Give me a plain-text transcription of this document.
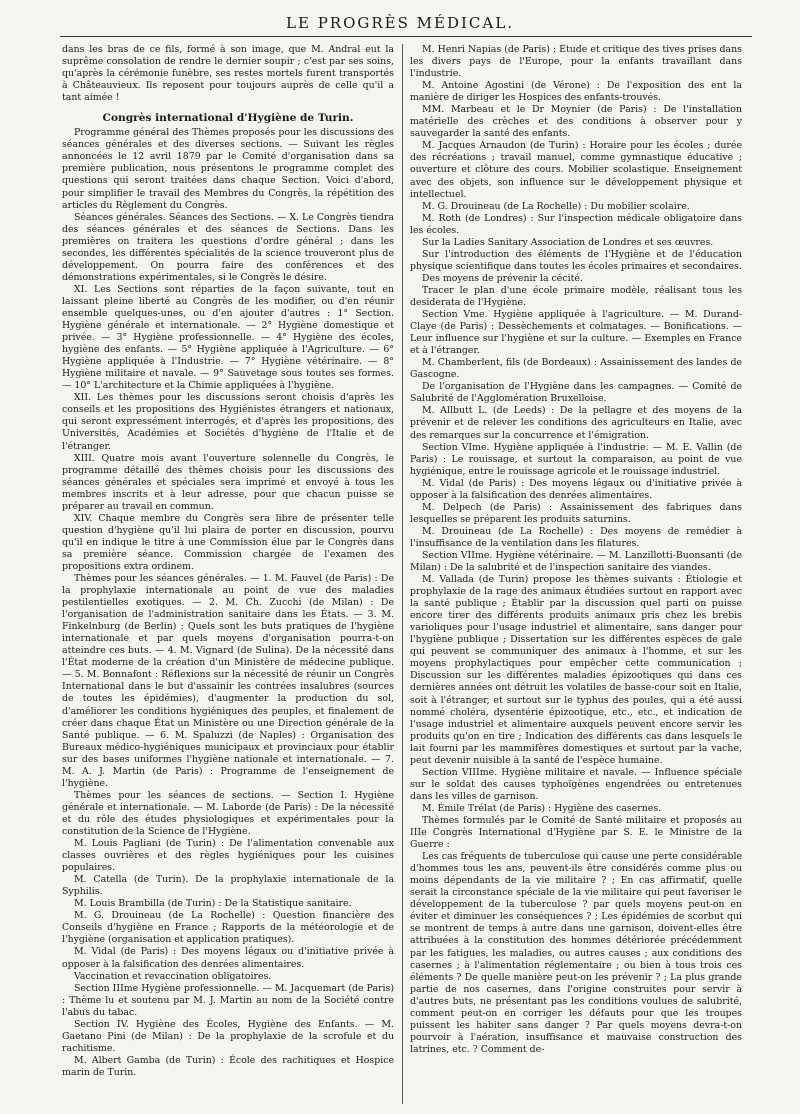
LE PROGRÈS MÉDICAL.

dans les bras de ce fils, formé à son image, que M. Andral eut la suprême consolation de rendre le dernier soupir ; c'est par ses soins, qu'après la cérémonie funèbre, ses restes mortels furent transportés à Châteauvieux. Ils reposent pour toujours auprès de celle qu'il a tant aimée !

Congrès international d'Hygiène de Turin.

Programme général des Thèmes proposés pour les discussions des séances générales et des diverses sections. — Suivant les règles annoncées le 12 avril 1879 par le Comité d'organisation dans sa première publication, nous présentons le programme complet des questions qui seront traitées dans chaque Section. Voici d'abord, pour simplifier le travail des Membres du Congrès, la répétition des articles du Règlement du Congrès.

Séances générales. Séances des Sections. — X. Le Congrès tiendra des séances générales et des séances de Sections. Dans les premières on traitera les questions d'ordre général ; dans les secondes, les différentes spécialités de la science trouveront plus de développement. On pourra faire des conférences et des démonstrations expérimentales, si le Congrès le désire.

XI. Les Sections sont réparties de la façon suivante, tout en laissant pleine liberté au Congrès de les modifier, ou d'en réunir ensemble quelques-unes, ou d'en ajouter d'autres : 1° Section. Hygiène générale et internationale. — 2° Hygiène domestique et privée. — 3° Hygiène professionnelle. — 4° Hygiène des écoles, hygiène des enfants. — 5° Hygiène appliquée à l'Agriculture. — 6° Hygiène appliquée à l'Industrie. — 7° Hygiène vétérinaire. — 8° Hygiène militaire et navale. — 9° Sauvetage sous toutes ses formes. — 10° L'architecture et la Chimie appliquées à l'hygiène.

XII. Les thèmes pour les discussions seront choisis d'après les conseils et les propositions des Hygiénistes étrangers et nationaux, qui seront expressément interrogés, et d'après les propositions, des Universités, Académies et Sociétés d'hygiène de l'Italie et de l'étranger.

XIII. Quatre mois avant l'ouverture solennelle du Congrès, le programme détaillé des thèmes choisis pour les discussions des séances générales et spéciales sera imprimé et envoyé à tous les membres inscrits et à leur adresse, pour que chacun puisse se préparer au travail en commun.

XIV. Chaque membre du Congrès sera libre de présenter telle question d'hygiène qu'il lui plaira de porter en discussion, pourvu qu'il en indique le titre à une Commission élue par le Congrès dans sa première séance. Commission chargée de l'examen des propositions extra ordinem.

Thèmes pour les séances générales. — 1. M. Fauvel (de Paris) : De la prophylaxie internationale au point de vue des maladies pestilentielles exotiques. — 2. M. Ch. Zucchi (de Milan) : De l'organisation de l'administration sanitaire dans les États. — 3. M. Finkelnburg (de Berlin) : Quels sont les buts pratiques de l'hygiène internationale et par quels moyens d'organisation pourra-t-on atteindre ces buts. — 4. M. Vignard (de Sulina). De la nécessité dans l'État moderne de la création d'un Ministère de médecine publique. — 5. M. Bonnafont : Réflexions sur la nécessité de réunir un Congrès International dans le but d'assainir les contrées insalubres (sources de toutes les épidémies), d'augmenter la production du sol, d'améliorer les conditions hygiéniques des peuples, et finalement de créer dans chaque État un Ministère ou une Direction générale de la Santé publique. — 6. M. Spaluzzi (de Naples) : Organisation des Bureaux médico-hygiéniques municipaux et provinciaux pour établir sur des bases uniformes l'hygiène nationale et internationale. — 7. M. A. J. Martin (de Paris) : Programme de l'enseignement de l'hygiène.

Thèmes pour les séances de sections. — Section I. Hygiène générale et internationale. — M. Laborde (de Paris) : De la nécessité et du rôle des études physiologiques et expérimentales pour la constitution de la Science de l'Hygiène.

M. Louis Pagliani (de Turin) : De l'alimentation convenable aux classes ouvrières et des règles hygiéniques pour les cuisines populaires.

M. Catella (de Turin). De la prophylaxie internationale de la Syphilis.

M. Louis Brambilla (de Turin) : De la Statistique sanitaire.

M. G. Drouineau (de La Rochelle) : Question financière des Conseils d'hygiène en France ; Rapports de la météorologie et de l'hygiène (organisation et application pratiques).

M. Vidal (de Paris) : Des moyens légaux ou d'initiative privée à opposer à la falsification des denrées alimentaires.

Vaccination et revaccination obligatoires.

Section IIIme Hygiène professionnelle. — M. Jacquemart (de Paris) : Thème lu et soutenu par M. J. Martin au nom de la Société contre l'abus du tabac.

Section IV. Hygiène des Écoles, Hygiène des Enfants. — M. Gaetano Pini (de Milan) : De la prophylaxie de la scrofule et du rachitisme.

M. Albert Gamba (de Turin) : École des rachitiques et Hospice marin de Turin.

M. Henri Napias (de Paris) : Étude et critique des tives prises dans les divers pays de l'Europe, pour la enfants travaillant dans l'industrie.

M. Antoine Agostini (de Vérone) : De l'exposition des ent la manière de diriger les Hospices des enfants-trouvés.

MM. Marbeau et le Dr Moynier (de Paris) : De l'installation matérielle des crèches et des conditions à observer pour y sauvegarder la santé des enfants.

M. Jacques Arnaudon (de Turin) : Horaire pour les écoles ; durée des récréations ; travail manuel, comme gymnastique éducative ; ouverture et clôture des cours. Mobilier scolastique. Enseignement avec des objets, son influence sur le développement physique et intellectuel.

M. G. Drouineau (de La Rochelle) : Du mobilier scolaire.

M. Roth (de Londres) : Sur l'inspection médicale obligatoire dans les écoles.

Sur la Ladies Sanitary Association de Londres et ses œuvres.

Sur l'introduction des éléments de l'Hygiène et de l'éducation physique scientifique dans toutes les écoles primaires et secondaires.

Des moyens de prévenir la cécité.

Tracer le plan d'une école primaire modèle, réalisant tous les desiderata de l'Hygiène.

Section Vme. Hygiène appliquée à l'agriculture. — M. Durand-Claye (de Paris) : Dessèchements et colmatages. — Bonifications. — Leur influence sur l'hygiène et sur la culture. — Exemples en France et à l'étranger.

M. Chamberlent, fils (de Bordeaux) : Assainissement des landes de Gascogne.

De l'organisation de l'Hygiène dans les campagnes. — Comité de Salubrité de l'Agglomération Bruxelloise.

M. Allbutt L. (de Leeds) : De la pellagre et des moyens de la prévenir et de relever les conditions des agriculteurs en Italie, avec des remarques sur la concurrence et l'émigration.

Section VIme. Hygiène appliquée à l'industrie. — M. E. Vallin (de Paris) : Le rouissage, et surtout la comparaison, au point de vue hygiénique, entre le rouissage agricole et le rouissage industriel.

M. Vidal (de Paris) : Des moyens légaux ou d'initiative privée à opposer à la falsification des denrées alimentaires.

M. Delpech (de Paris) : Assainissement des fabriques dans lesquelles se préparent les produits saturnins.

M. Drouineau (de La Rochelle) : Des moyens de remédier à l'insuffisance de la ventilation dans les filatures.

Section VIIme. Hygiène vétérinaire. — M. Lanzillotti-Buonsanti (de Milan) : De la salubrité et de l'inspection sanitaire des viandes.

M. Vallada (de Turin) propose les thèmes suivants : Étiologie et prophylaxie de la rage des animaux étudiées surtout en rapport avec la santé publique ; Établir par la discussion quel parti on puisse encore tirer des différents produits animaux pris chez les brebis varioliques pour l'usage industriel et alimentaire, sans danger pour l'hygiène publique ; Dissertation sur les différentes espèces de gale qui peuvent se communiquer des animaux à l'homme, et sur les moyens prophylactiques pour empêcher cette communication ; Discussion sur les différentes maladies épizootiques qui dans ces dernières années ont détruit les volatiles de basse-cour soit en Italie, soit à l'étranger, et surtout sur le typhus des poules, qui a été aussi nommé choléra, dysentérie épizootique, etc., etc., et indication de l'usage industriel et alimentaire auxquels peuvent encore servir les produits qu'on en tire ; Indication des différents cas dans lesquels le lait fourni par les mammifères domestiques et surtout par la vache, peut devenir nuisible à la santé de l'espèce humaine.

Section VIIIme. Hygiène militaire et navale. — Influence spéciale sur le soldat des causes typhoïgènes engendrées ou entretenues dans les villes de garnison.

M. Émile Trélat (de Paris) : Hygiène des casernes.

Thèmes formulés par le Comité de Santé militaire et proposés au IIIe Congrès International d'Hygiène par S. E. le Ministre de la Guerre :

Les cas fréquents de tuberculose qui cause une perte considérable d'hommes tous les ans, peuvent-ils être considérés comme plus ou moins dépendants de la vie militaire ? ; En cas affirmatif, quelle serait la circonstance spéciale de la vie militaire qui peut favoriser le développement de la tuberculose ? par quels moyens peut-on en éviter et diminuer les conséquences ? ; Les épidémies de scorbut qui se montrent de temps à autre dans une garnison, doivent-elles être attribuées à la constitution des hommes détériorée précédemment par les fatigues, les maladies, ou autres causes ; aux conditions des casernes ; à l'alimentation réglementaire ; ou bien à tous trois ces éléments ? De quelle manière peut-on les prévenir ? ; La plus grande partie de nos casernes, dans l'origine construites pour servir à d'autres buts, ne présentant pas les conditions voulues de salubrité, comment peut-on en corriger les défauts pour que les troupes puissent les habiter sans danger ? Par quels moyens devra-t-on pourvoir à l'aération, insuffisance et mauvaise construction des latrines, etc. ? Comment de-
